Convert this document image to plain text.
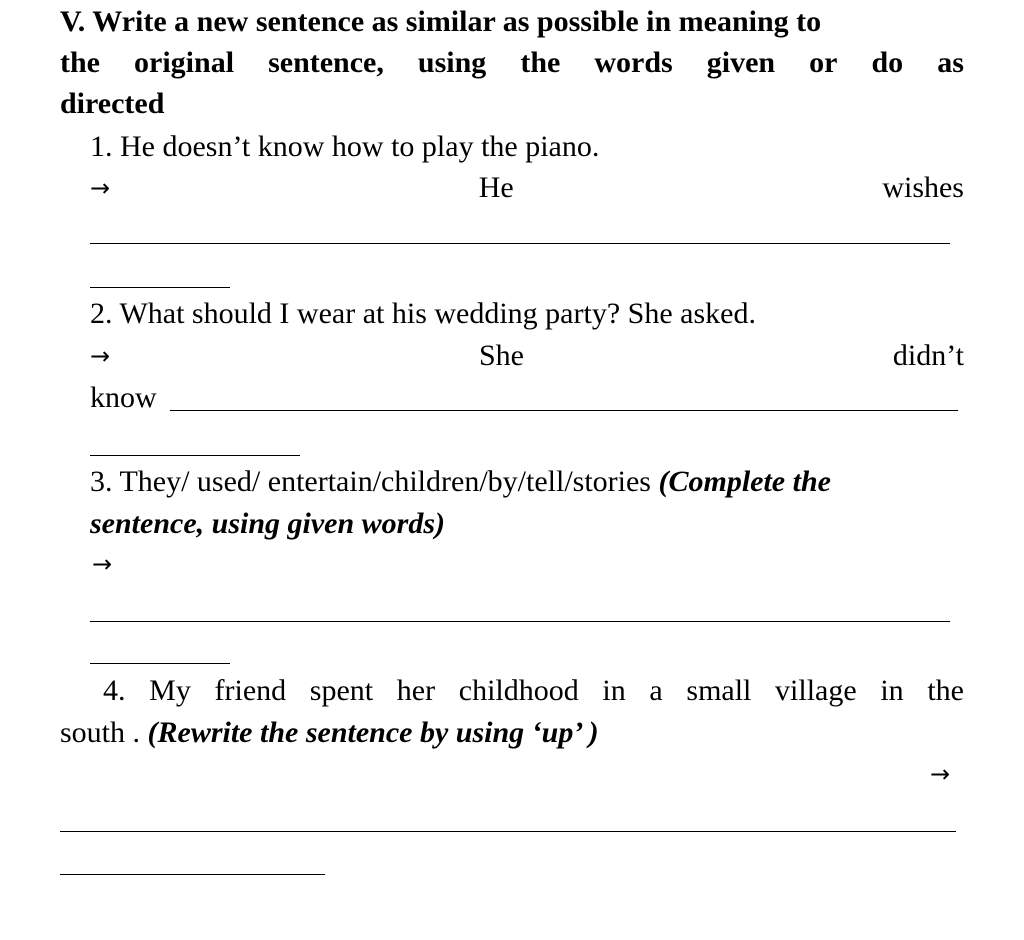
V. Write a new sentence as similar as possible in meaning to
the original sentence, using the words given or do as
directed
1. He doesn’t know how to play the piano.
→	He	wishes
2. What should I wear at his wedding party? She asked.
→	She	didn’t
know
3. They/ used/ entertain/children/by/tell/stories (Complete the
sentence, using given words)
→
4. My friend spent her childhood in a small village in the
south . (Rewrite the sentence by using ‘up’ )
→
